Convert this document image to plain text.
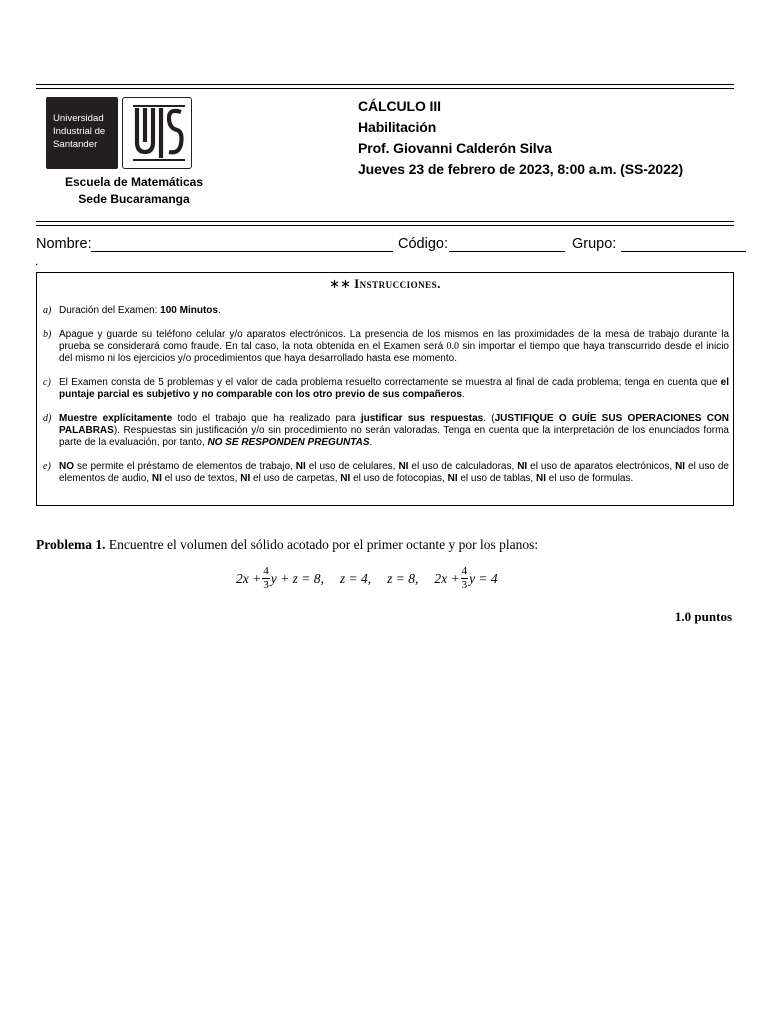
Universidad
Industrial de
Santander
Escuela de Matemáticas
Sede Bucaramanga
CÁLCULO III
Habilitación
Prof. Giovanni Calderón Silva
Jueves 23 de febrero de 2023, 8:00 a.m. (SS-2022)
Nombre:	Código:	Grupo:
.
∗∗ Instrucciones.
a) Duración del Examen: 100 Minutos.
b) Apague y guarde su teléfono celular y/o aparatos electrónicos. La presencia de los mismos en las proximidades de la mesa de trabajo durante la prueba se considerará como fraude. En tal caso, la nota obtenida en el Examen será 0.0 sin importar el tiempo que haya transcurrido desde el inicio del mismo ni los ejercicios y/o procedimientos que haya desarrollado hasta ese momento.
c) El Examen consta de 5 problemas y el valor de cada problema resuelto correctamente se muestra al final de cada problema; tenga en cuenta que el puntaje parcial es subjetivo y no comparable con los otro previo de sus compañeros.
d) Muestre explícitamente todo el trabajo que ha realizado para justificar sus respuestas. (JUSTIFIQUE O GUÍE SUS OPERACIONES CON PALABRAS). Respuestas sin justificación y/o sin procedimiento no serán valoradas. Tenga en cuenta que la interpretación de los enunciados forma parte de la evaluación, por tanto, NO SE RESPONDEN PREGUNTAS.
e) NO se permite el préstamo de elementos de trabajo, NI el uso de celulares, NI el uso de calculadoras, NI el uso de aparatos electrónicos, NI el uso de elementos de audio, NI el uso de textos, NI el uso de carpetas, NI el uso de fotocopias, NI el uso de tablas, NI el uso de formulas.
Problema 1. Encuentre el volumen del sólido acotado por el primer octante y por los planos:
$2x + \frac{4}{3}$ y + z = 8, z = 4, z = 8, $2x + \frac{4}{3}$ y = 4
1.0 puntos
